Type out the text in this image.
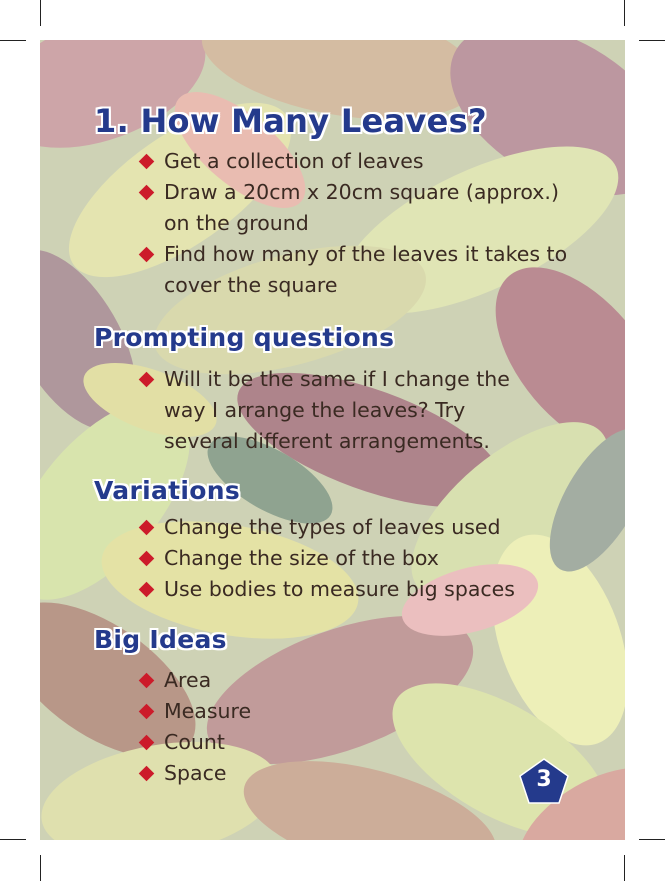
1. How Many Leaves?
Get a collection of leaves
Draw a 20cm x 20cm square (approx.) on the ground
Find how many of the leaves it takes to cover the square
Prompting questions
Will it be the same if I change the way I arrange the leaves? Try several different arrangements.
Variations
Change the types of leaves used
Change the size of the box
Use bodies to measure big spaces
Big Ideas
Area
Measure
Count
Space	3
